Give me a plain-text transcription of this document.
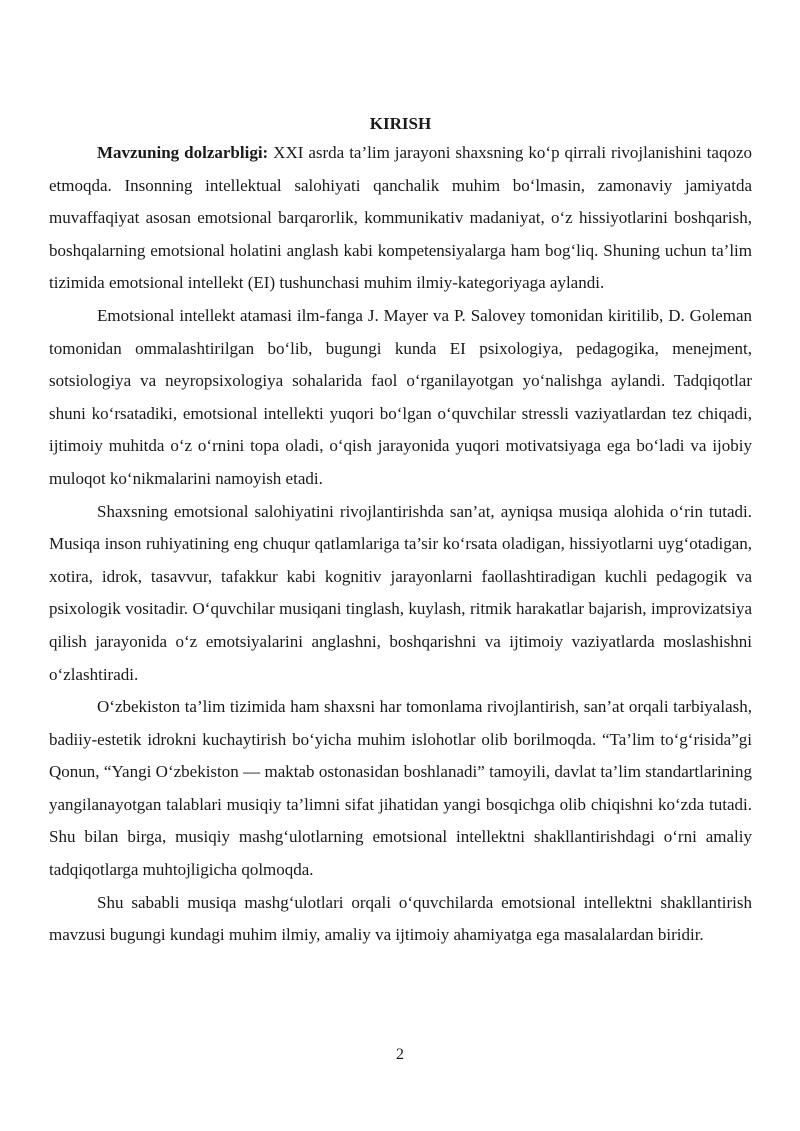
KIRISH

Mavzuning dolzarbligi: XXI asrda ta’lim jarayoni shaxsning ko‘p qirrali rivojlanishini taqozo etmoqda. Insonning intellektual salohiyati qanchalik muhim bo‘lmasin, zamonaviy jamiyatda muvaffaqiyat asosan emotsional barqarorlik, kommunikativ madaniyat, o‘z hissiyotlarini boshqarish, boshqalarning emotsional holatini anglash kabi kompetensiyalarga ham bog‘liq. Shuning uchun ta’lim tizimida emotsional intellekt (EI) tushunchasi muhim ilmiy-kategoriyaga aylandi.

Emotsional intellekt atamasi ilm-fanga J. Mayer va P. Salovey tomonidan kiritilib, D. Goleman tomonidan ommalashtirilgan bo‘lib, bugungi kunda EI psixologiya, pedagogika, menejment, sotsiologiya va neyropsixologiya sohalarida faol o‘rganilayotgan yo‘nalishga aylandi. Tadqiqotlar shuni ko‘rsatadiki, emotsional intellekti yuqori bo‘lgan o‘quvchilar stressli vaziyatlardan tez chiqadi, ijtimoiy muhitda o‘z o‘rnini topa oladi, o‘qish jarayonida yuqori motivatsiyaga ega bo‘ladi va ijobiy muloqot ko‘nikmalarini namoyish etadi.

Shaxsning emotsional salohiyatini rivojlantirishda san’at, ayniqsa musiqa alohida o‘rin tutadi. Musiqa inson ruhiyatining eng chuqur qatlamlariga ta’sir ko‘rsata oladigan, hissiyotlarni uyg‘otadigan, xotira, idrok, tasavvur, tafakkur kabi kognitiv jarayonlarni faollashtiradigan kuchli pedagogik va psixologik vositadir. O‘quvchilar musiqani tinglash, kuylash, ritmik harakatlar bajarish, improvizatsiya qilish jarayonida o‘z emotsiyalarini anglashni, boshqarishni va ijtimoiy vaziyatlarda moslashishni o‘zlashtiradi.

O‘zbekiston ta’lim tizimida ham shaxsni har tomonlama rivojlantirish, san’at orqali tarbiyalash, badiiy-estetik idrokni kuchaytirish bo‘yicha muhim islohotlar olib borilmoqda. “Ta’lim to‘g‘risida”gi Qonun, “Yangi O‘zbekiston — maktab ostonasidan boshlanadi” tamoyili, davlat ta’lim standartlarining yangilanayotgan talablari musiqiy ta’limni sifat jihatidan yangi bosqichga olib chiqishni ko‘zda tutadi. Shu bilan birga, musiqiy mashg‘ulotlarning emotsional intellektni shakllantirishdagi o‘rni amaliy tadqiqotlarga muhtojligicha qolmoqda.

Shu sababli musiqa mashg‘ulotlari orqali o‘quvchilarda emotsional intellektni shakllantirish mavzusi bugungi kundagi muhim ilmiy, amaliy va ijtimoiy ahamiyatga ega masalalardan biridir.

2
